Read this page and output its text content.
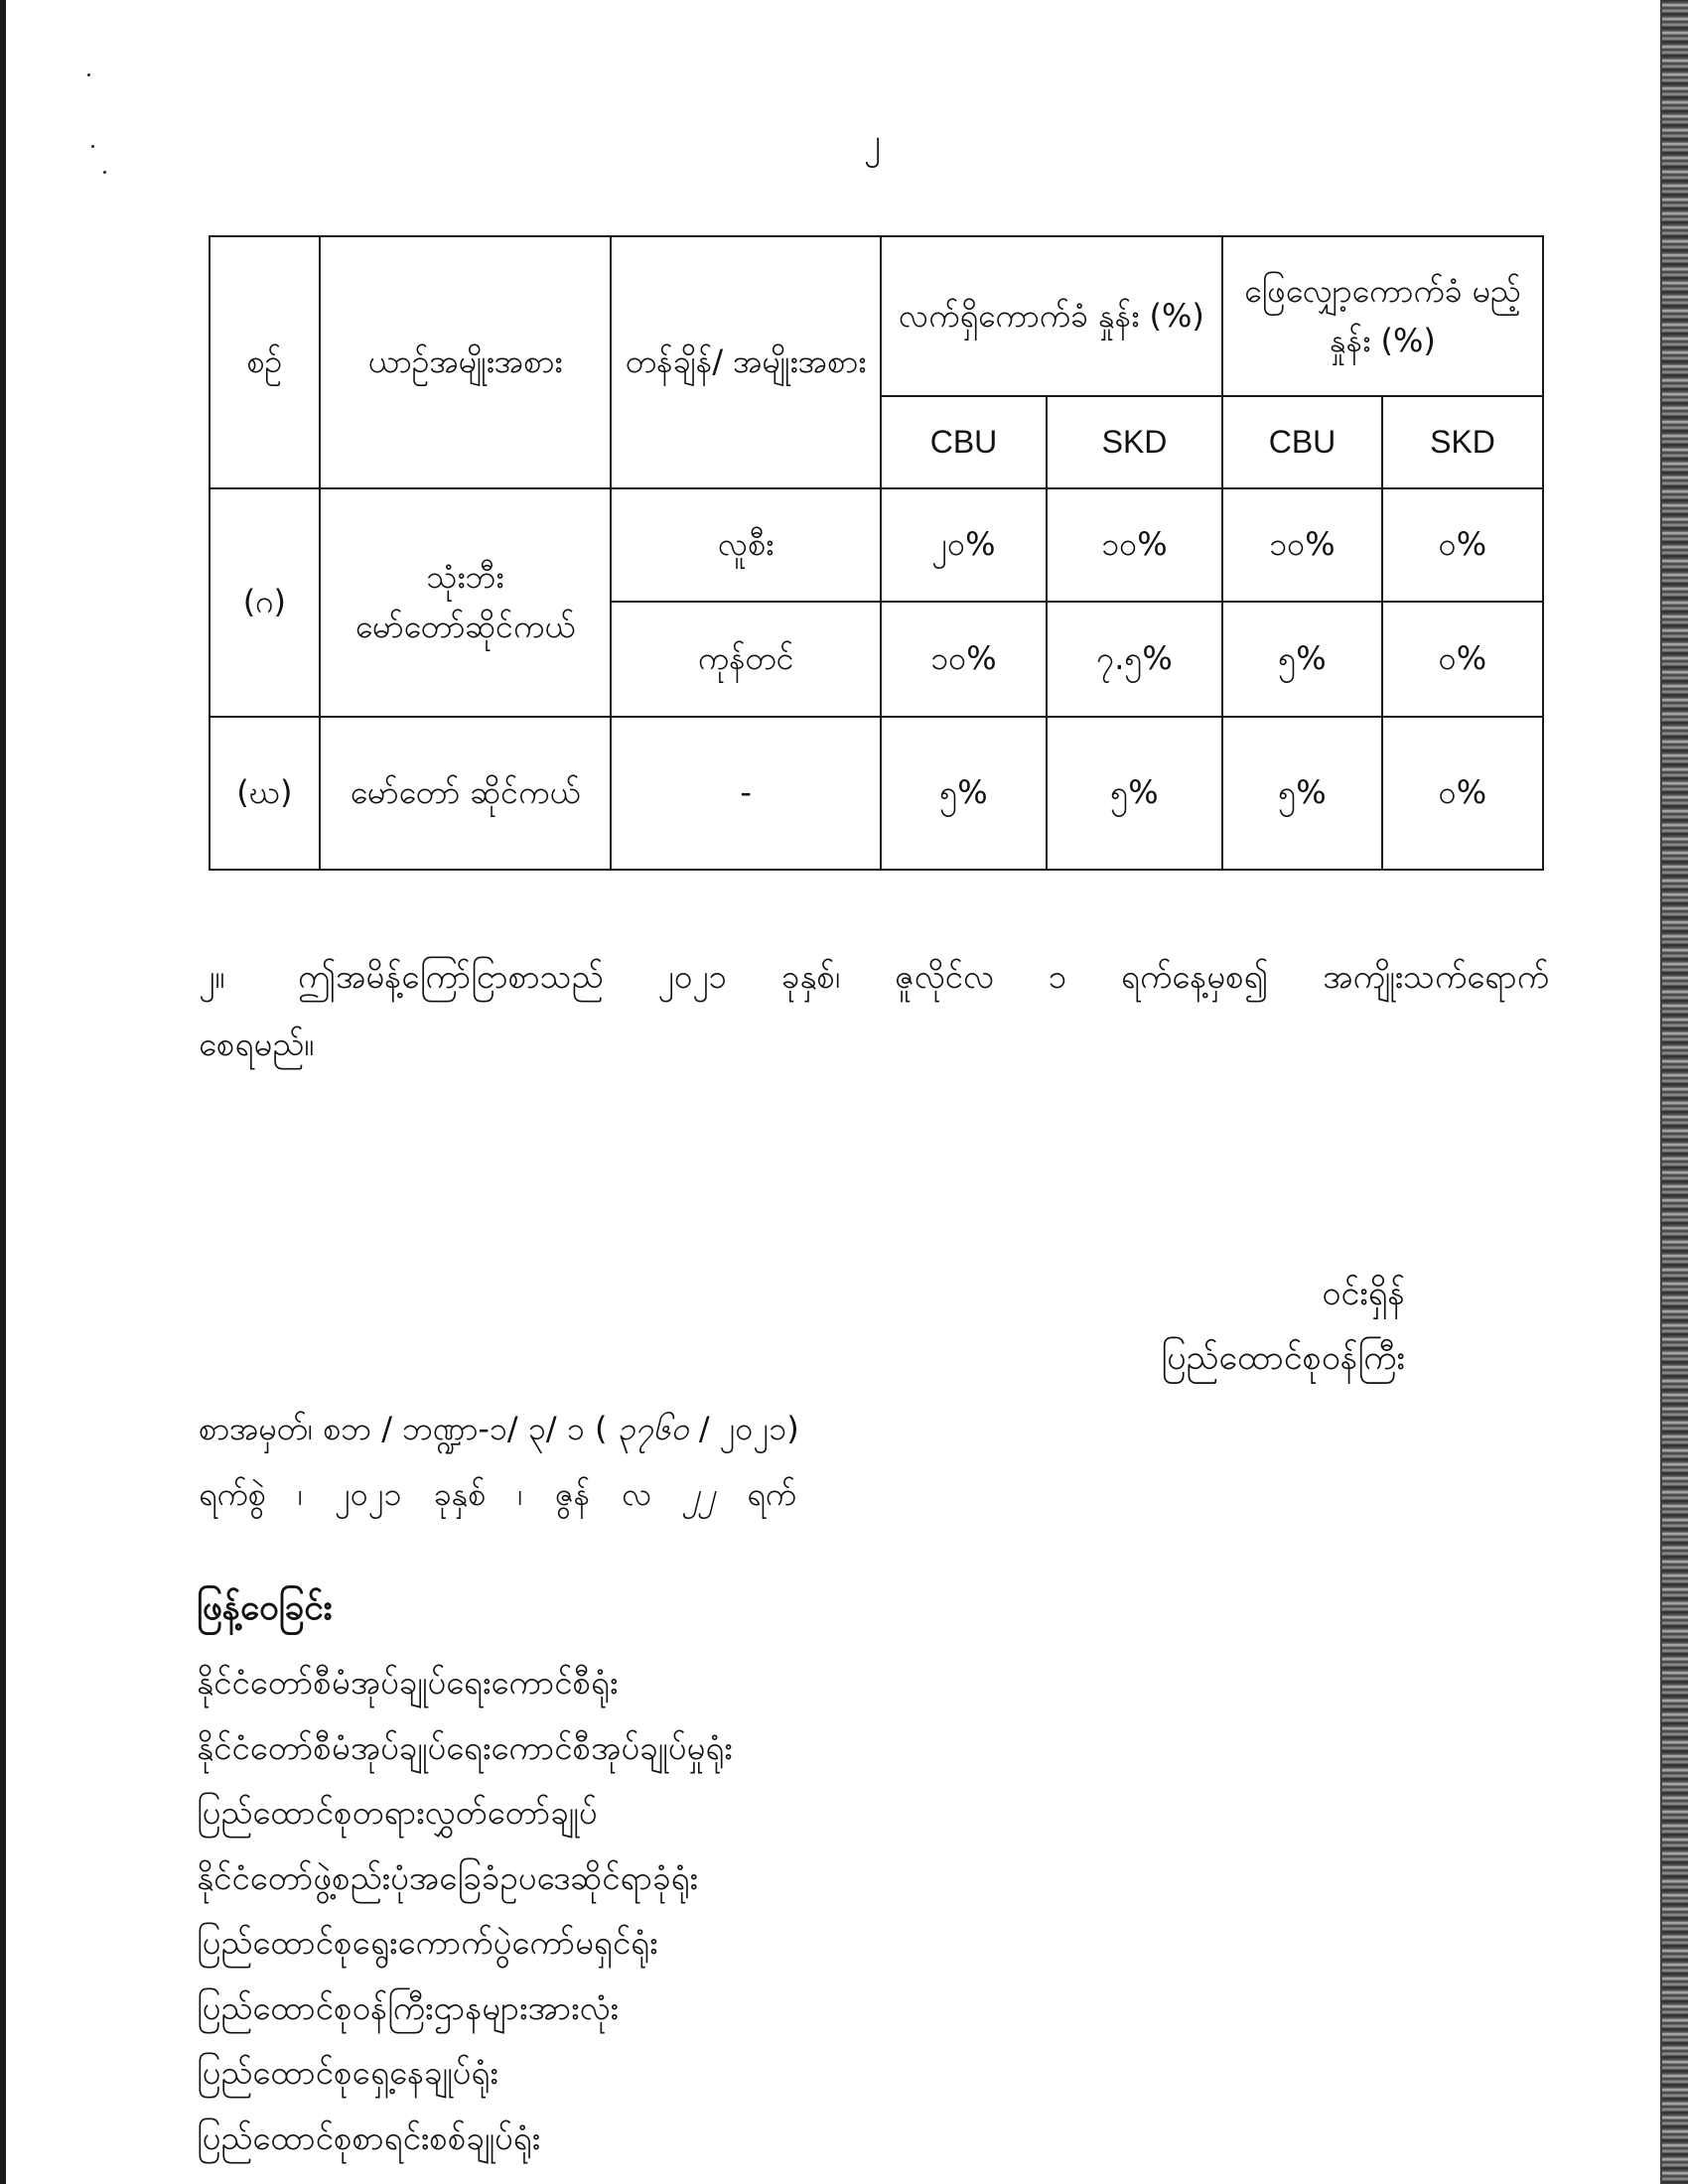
၂
စဉ်	ယာဉ်အမျိုးအစား	တန်ချိန်/ အမျိုးအစား	လက်ရှိကောက်ခံ နှုန်း (%)		ဖြေလျှော့ကောက်ခံ မည့်နှုန်း (%)	
			CBU	SKD	CBU	SKD
(ဂ)	သုံးဘီး မော်တော်ဆိုင်ကယ်	လူစီး	၂၀%	၁၀%	၁၀%	၀%
		ကုန်တင်	၁၀%	၇.၅%	၅%	၀%
(ဃ)	မော်တော် ဆိုင်ကယ်	-	၅%	၅%	၅%	၀%
၂။ ဤအမိန့်ကြော်ငြာစာသည် ၂၀၂၁ ခုနှစ်၊ ဇူလိုင်လ ၁ ရက်နေ့မှစ၍ အကျိုးသက်ရောက်
စေရမည်။
ဝင်းရှိန်
ပြည်ထောင်စုဝန်ကြီး
စာအမှတ်၊ စဘ / ဘဏ္ဍာ-၁/ ၃/ ၁ ( ၃၇၆၀ / ၂၀၂၁)
ရက်စွဲ ၊ ၂၀၂၁ ခုနှစ် ၊ ဇွန် လ ၂၂ ရက်
ဖြန့်ဝေခြင်း
နိုင်ငံတော်စီမံအုပ်ချုပ်ရေးကောင်စီရုံး
နိုင်ငံတော်စီမံအုပ်ချုပ်ရေးကောင်စီအုပ်ချုပ်မှုရုံး
ပြည်ထောင်စုတရားလွှတ်တော်ချုပ်
နိုင်ငံတော်ဖွဲ့စည်းပုံအခြေခံဥပဒေဆိုင်ရာခုံရုံး
ပြည်ထောင်စုရွေးကောက်ပွဲကော်မရှင်ရုံး
ပြည်ထောင်စုဝန်ကြီးဌာနများအားလုံး
ပြည်ထောင်စုရှေ့နေချုပ်ရုံး
ပြည်ထောင်စုစာရင်းစစ်ချုပ်ရုံး
